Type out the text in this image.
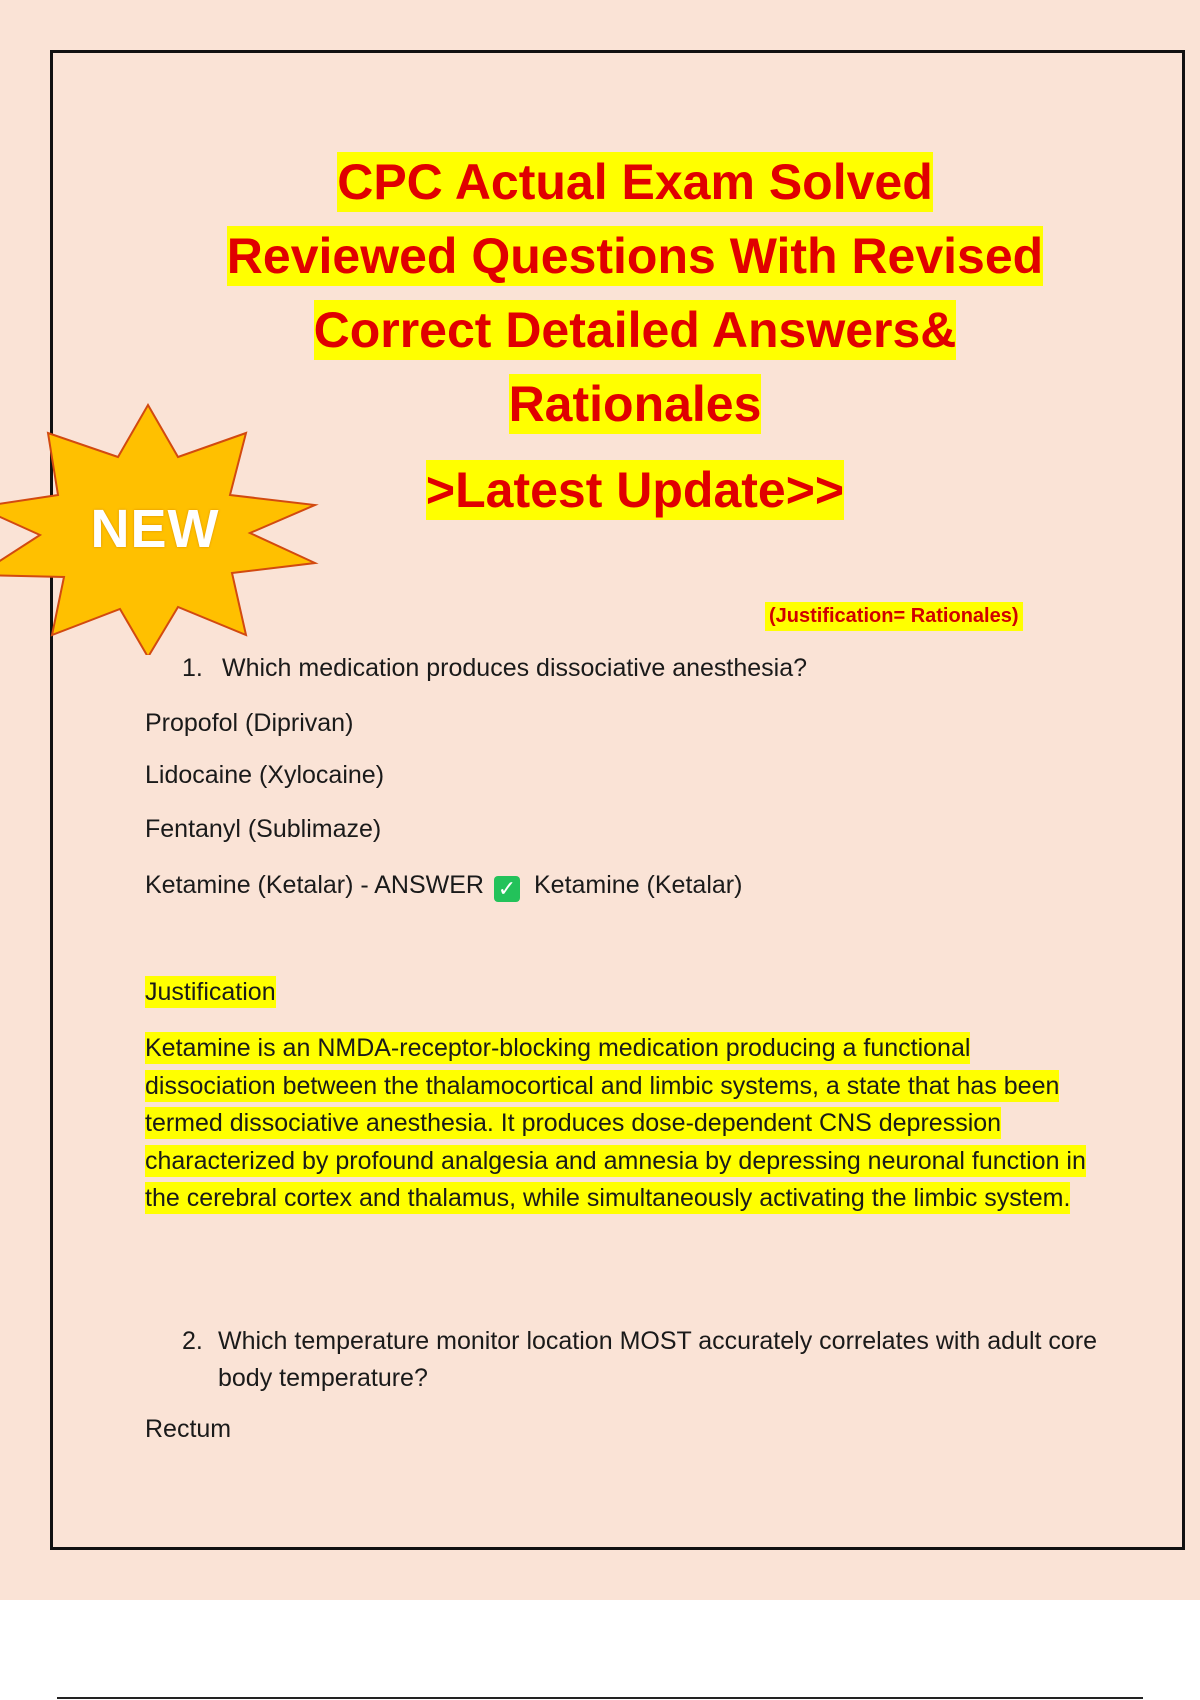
CPC Actual Exam Solved
Reviewed Questions With Revised
Correct Detailed Answers&
Rationales
>Latest Update>>
NEW
(Justification= Rationales)
1. Which medication produces dissociative anesthesia?
Propofol (Diprivan)
Lidocaine (Xylocaine)
Fentanyl (Sublimaze)
Ketamine (Ketalar) - ANSWER ✓ Ketamine (Ketalar)
Justification
Ketamine is an NMDA-receptor-blocking medication producing a functional dissociation between the thalamocortical and limbic systems, a state that has been termed dissociative anesthesia. It produces dose-dependent CNS depression characterized by profound analgesia and amnesia by depressing neuronal function in the cerebral cortex and thalamus, while simultaneously activating the limbic system.
2. Which temperature monitor location MOST accurately correlates with adult core body temperature?
Rectum
